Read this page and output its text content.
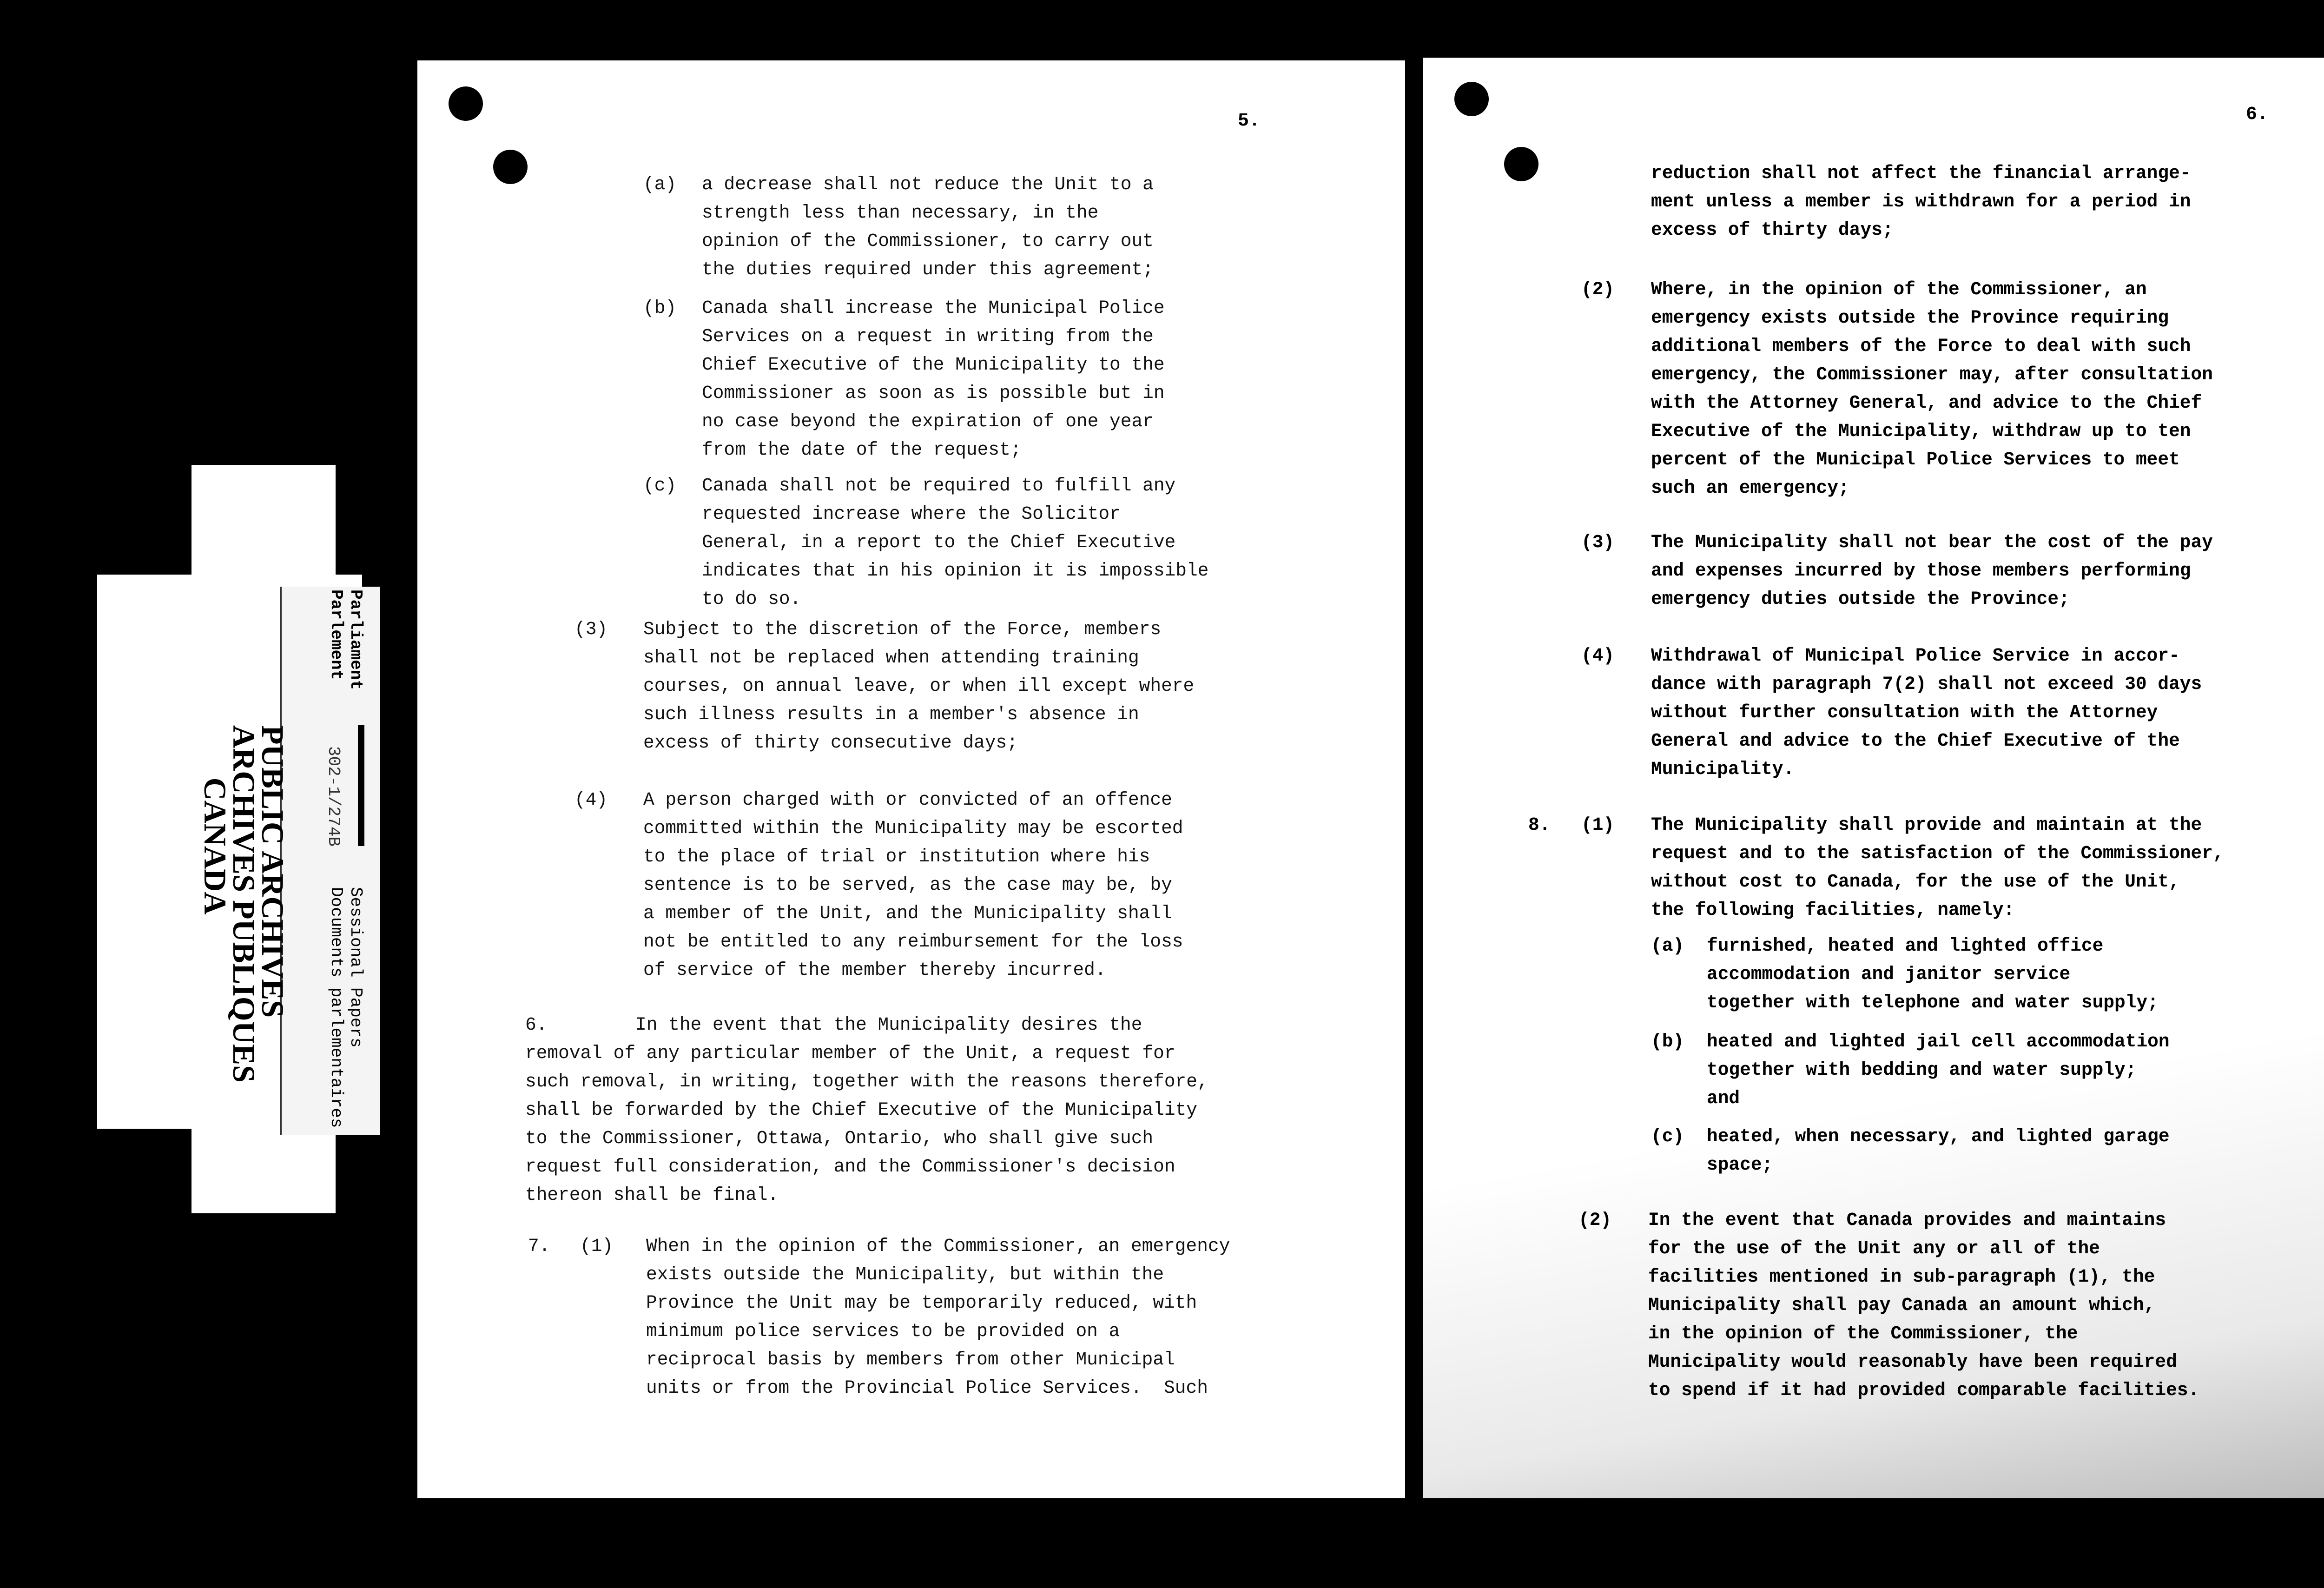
PUBLIC ARCHIVES
ARCHIVES PUBLIQUES
CANADA
Parliament
Parlement
302-1/274B
Sessional Papers
Documents parlementaires
5.
(a) a decrease shall not reduce the Unit to a
strength less than necessary, in the
opinion of the Commissioner, to carry out
the duties required under this agreement;
(b) Canada shall increase the Municipal Police
Services on a request in writing from the
Chief Executive of the Municipality to the
Commissioner as soon as is possible but in
no case beyond the expiration of one year
from the date of the request;
(c) Canada shall not be required to fulfill any
requested increase where the Solicitor
General, in a report to the Chief Executive
indicates that in his opinion it is impossible
to do so.
(3) Subject to the discretion of the Force, members
shall not be replaced when attending training
courses, on annual leave, or when ill except where
such illness results in a member's absence in
excess of thirty consecutive days;
(4) A person charged with or convicted of an offence
committed within the Municipality may be escorted
to the place of trial or institution where his
sentence is to be served, as the case may be, by
a member of the Unit, and the Municipality shall
not be entitled to any reimbursement for the loss
of service of the member thereby incurred.
6.        In the event that the Municipality desires the
removal of any particular member of the Unit, a request for
such removal, in writing, together with the reasons therefore,
shall be forwarded by the Chief Executive of the Municipality
to the Commissioner, Ottawa, Ontario, who shall give such
request full consideration, and the Commissioner's decision
thereon shall be final.
7. (1) When in the opinion of the Commissioner, an emergency
exists outside the Municipality, but within the
Province the Unit may be temporarily reduced, with
minimum police services to be provided on a
reciprocal basis by members from other Municipal
units or from the Provincial Police Services.  Such
6.
reduction shall not affect the financial arrange-
ment unless a member is withdrawn for a period in
excess of thirty days;
(2) Where, in the opinion of the Commissioner, an
emergency exists outside the Province requiring
additional members of the Force to deal with such
emergency, the Commissioner may, after consultation
with the Attorney General, and advice to the Chief
Executive of the Municipality, withdraw up to ten
percent of the Municipal Police Services to meet
such an emergency;
(3) The Municipality shall not bear the cost of the pay
and expenses incurred by those members performing
emergency duties outside the Province;
(4) Withdrawal of Municipal Police Service in accor-
dance with paragraph 7(2) shall not exceed 30 days
without further consultation with the Attorney
General and advice to the Chief Executive of the
Municipality.
8. (1) The Municipality shall provide and maintain at the
request and to the satisfaction of the Commissioner,
without cost to Canada, for the use of the Unit,
the following facilities, namely:
(a) furnished, heated and lighted office
accommodation and janitor service
together with telephone and water supply;
(b) heated and lighted jail cell accommodation
together with bedding and water supply;
and
(c) heated, when necessary, and lighted garage
space;
(2) In the event that Canada provides and maintains
for the use of the Unit any or all of the
facilities mentioned in sub-paragraph (1), the
Municipality shall pay Canada an amount which,
in the opinion of the Commissioner, the
Municipality would reasonably have been required
to spend if it had provided comparable facilities.
